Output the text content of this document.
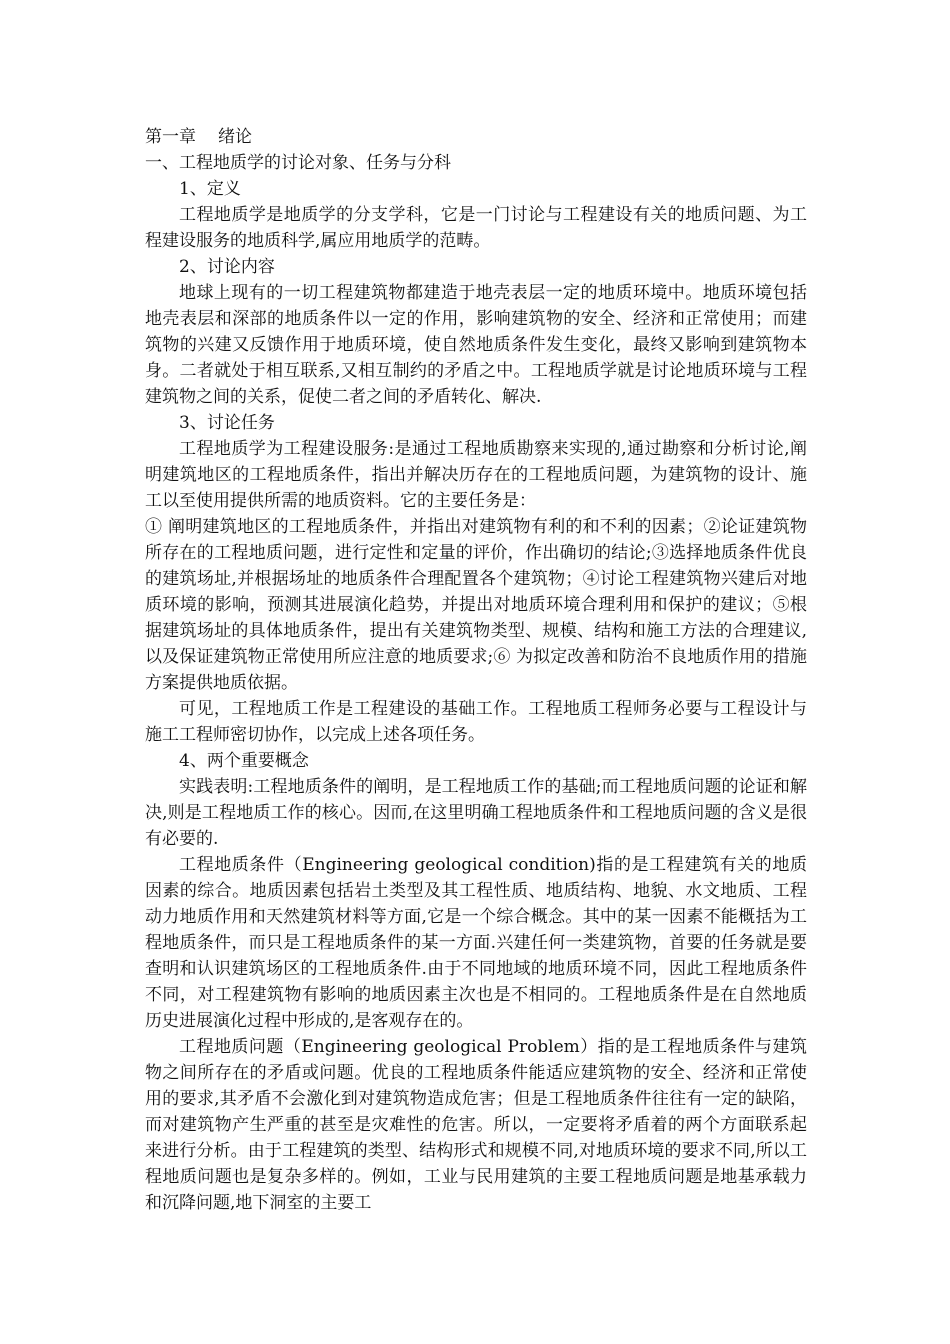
第一章 绪论

一、工程地质学的讨论对象、任务与分科

1、定义

工程地质学是地质学的分支学科，它是一门讨论与工程建设有关的地质问题、为工程建设服务的地质科学,属应用地质学的范畴。

2、讨论内容

地球上现有的一切工程建筑物都建造于地壳表层一定的地质环境中。地质环境包括地壳表层和深部的地质条件以一定的作用，影响建筑物的安全、经济和正常使用；而建筑物的兴建又反馈作用于地质环境，使自然地质条件发生变化，最终又影响到建筑物本身。二者就处于相互联系,又相互制约的矛盾之中。工程地质学就是讨论地质环境与工程建筑物之间的关系，促使二者之间的矛盾转化、解决.

3、讨论任务

工程地质学为工程建设服务:是通过工程地质勘察来实现的,通过勘察和分析讨论,阐明建筑地区的工程地质条件，指出并解决历存在的工程地质问题，为建筑物的设计、施工以至使用提供所需的地质资料。它的主要任务是：

① 阐明建筑地区的工程地质条件，并指出对建筑物有利的和不利的因素；②论证建筑物所存在的工程地质问题，进行定性和定量的评价，作出确切的结论;③选择地质条件优良的建筑场址,并根据场址的地质条件合理配置各个建筑物；④讨论工程建筑物兴建后对地质环境的影响，预测其进展演化趋势，并提出对地质环境合理利用和保护的建议；⑤根据建筑场址的具体地质条件，提出有关建筑物类型、规模、结构和施工方法的合理建议,以及保证建筑物正常使用所应注意的地质要求;⑥ 为拟定改善和防治不良地质作用的措施方案提供地质依据。

可见，工程地质工作是工程建设的基础工作。工程地质工程师务必要与工程设计与施工工程师密切协作，以完成上述各项任务。

4、两个重要概念

实践表明:工程地质条件的阐明，是工程地质工作的基础;而工程地质问题的论证和解决,则是工程地质工作的核心。因而,在这里明确工程地质条件和工程地质问题的含义是很有必要的.

工程地质条件（Engineering geological condition)指的是工程建筑有关的地质因素的综合。地质因素包括岩土类型及其工程性质、地质结构、地貌、水文地质、工程动力地质作用和天然建筑材料等方面,它是一个综合概念。其中的某一因素不能概括为工程地质条件，而只是工程地质条件的某一方面.兴建任何一类建筑物，首要的任务就是要查明和认识建筑场区的工程地质条件.由于不同地域的地质环境不同，因此工程地质条件不同，对工程建筑物有影响的地质因素主次也是不相同的。工程地质条件是在自然地质历史进展演化过程中形成的,是客观存在的。

工程地质问题（Engineering geological Problem）指的是工程地质条件与建筑物之间所存在的矛盾或问题。优良的工程地质条件能适应建筑物的安全、经济和正常使用的要求,其矛盾不会激化到对建筑物造成危害；但是工程地质条件往往有一定的缺陷，而对建筑物产生严重的甚至是灾难性的危害。所以，一定要将矛盾着的两个方面联系起来进行分析。由于工程建筑的类型、结构形式和规模不同,对地质环境的要求不同,所以工程地质问题也是复杂多样的。例如，工业与民用建筑的主要工程地质问题是地基承载力和沉降问题,地下洞室的主要工
